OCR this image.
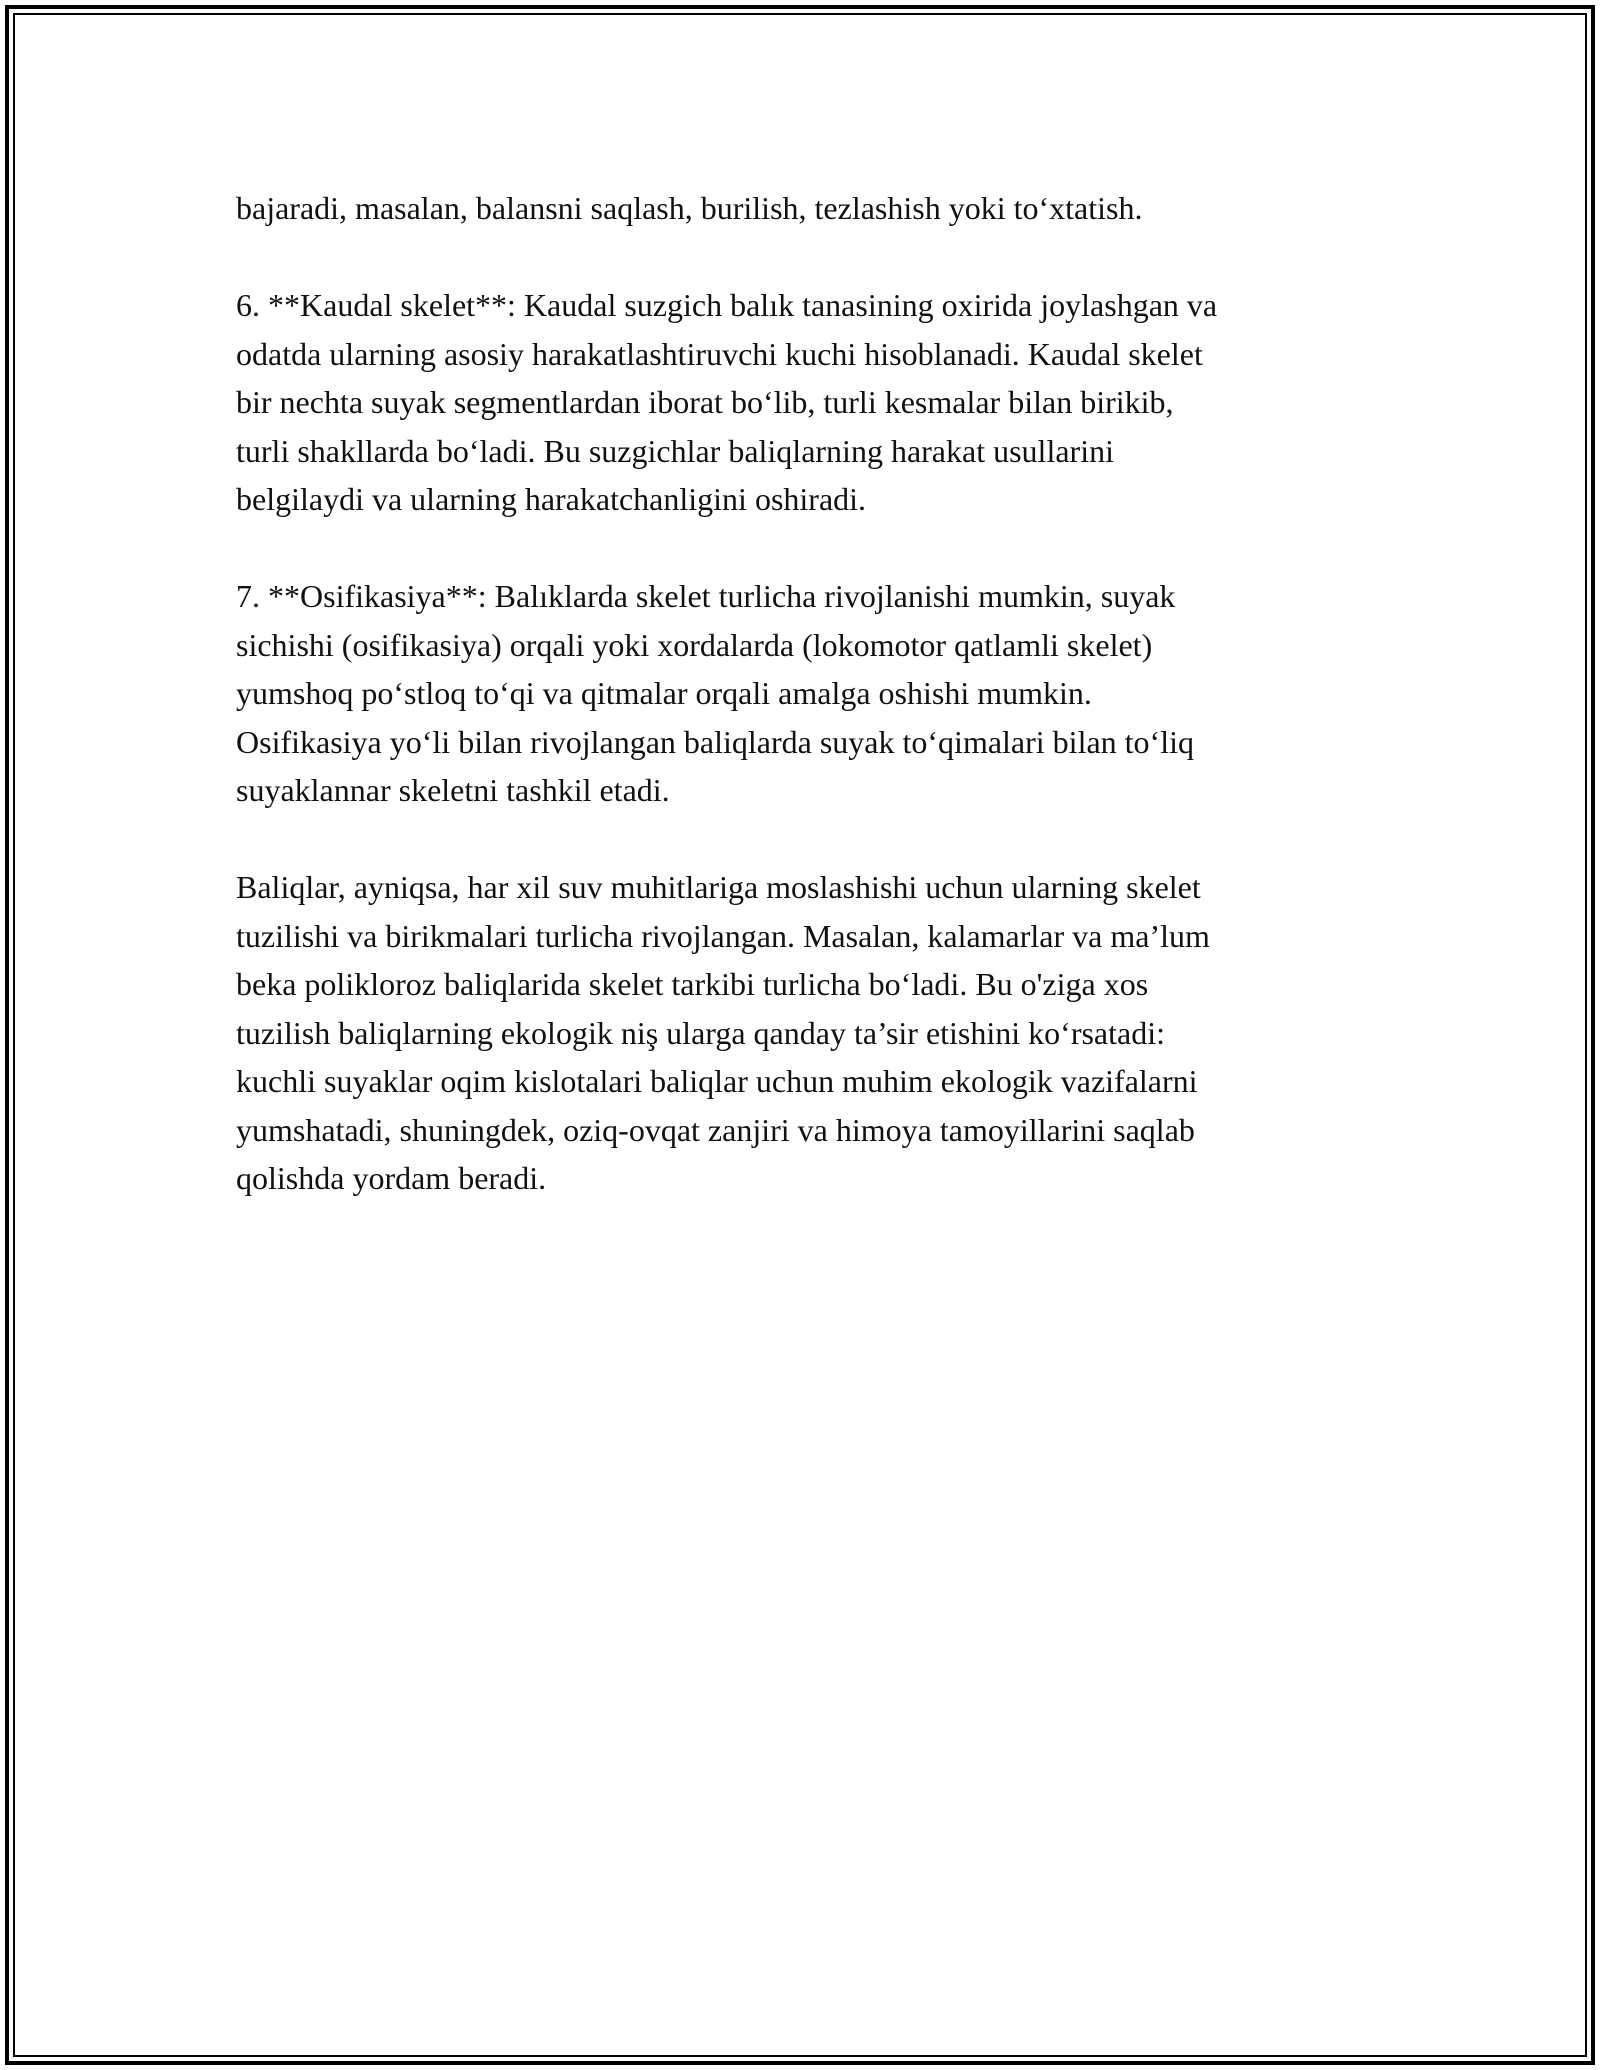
bajaradi, masalan, balansni saqlash, burilish, tezlashish yoki to‘xtatish.

6. **Kaudal skelet**: Kaudal suzgich balık tanasining oxirida joylashgan va
odatda ularning asosiy harakatlashtiruvchi kuchi hisoblanadi. Kaudal skelet
bir nechta suyak segmentlardan iborat bo‘lib, turli kesmalar bilan birikib,
turli shakllarda bo‘ladi. Bu suzgichlar baliqlarning harakat usullarini
belgilaydi va ularning harakatchanligini oshiradi.

7. **Osifikasiya**: Balıklarda skelet turlicha rivojlanishi mumkin, suyak
sichishi (osifikasiya) orqali yoki xordalarda (lokomotor qatlamli skelet)
yumshoq po‘stloq to‘qi va qitmalar orqali amalga oshishi mumkin.
Osifikasiya yo‘li bilan rivojlangan baliqlarda suyak to‘qimalari bilan to‘liq
suyaklannar skeletni tashkil etadi.

Baliqlar, ayniqsa, har xil suv muhitlariga moslashishi uchun ularning skelet
tuzilishi va birikmalari turlicha rivojlangan. Masalan, kalamarlar va ma’lum
beka polikloroz baliqlarida skelet tarkibi turlicha bo‘ladi. Bu o'ziga xos
tuzilish baliqlarning ekologik niş ularga qanday ta’sir etishini ko‘rsatadi:
kuchli suyaklar oqim kislotalari baliqlar uchun muhim ekologik vazifalarni
yumshatadi, shuningdek, oziq-ovqat zanjiri va himoya tamoyillarini saqlab
qolishda yordam beradi.
